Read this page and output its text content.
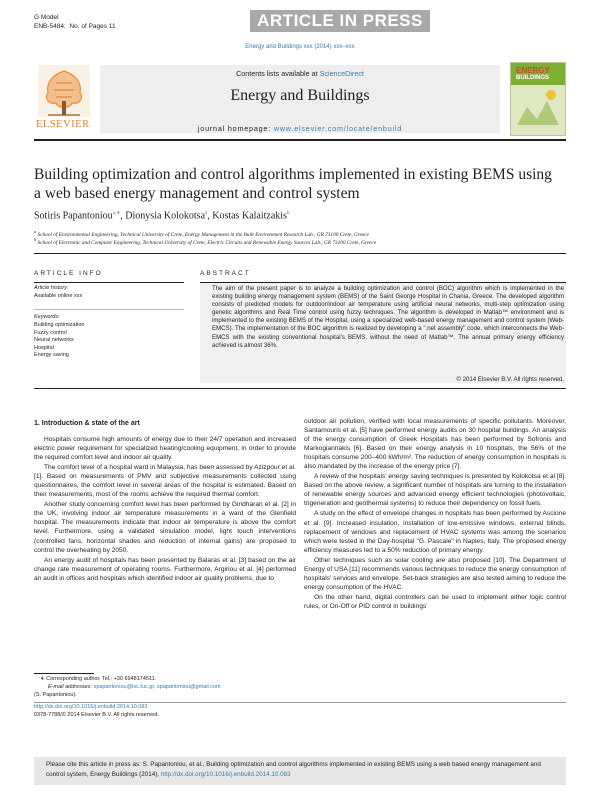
G Model
ENB-5484; No. of Pages 11	ARTICLE IN PRESS
Energy and Buildings xxx (2014) xxx–xxx
ELSEVIER
Contents lists available at ScienceDirect
Energy and Buildings
journal homepage: www.elsevier.com/locate/enbuild
ENERGY
BUILDINGS
Building optimization and control algorithms implemented in existing BEMS using a web based energy management and control system
Sotiris Papantoniou$^{a,∗}$, Dionysia Kolokotsa$^a$, Kostas Kalaitzakis$^b$
$^a$ School of Environmental Engineering, Technical University of Crete, Energy Management in the Built Environment Research Lab., GR 73100 Crete, Greece
$^b$ School of Electronic and Computer Engineering, Technical University of Crete, Electric Circuits and Renewable Energy Sources Lab., GR 73100 Crete, Greece
ARTICLE INFO
Article history:
Available online xxx
Keywords:
Building optimization
Fuzzy control
Neural networks
Hospital
Energy saving
ABSTRACT
The aim of the present paper is to analyze a building optimization and control (BOC) algorithm which is implemented in the existing building energy management system (BEMS) of the Saint George Hospital in Chania, Greece. The developed algorithm consists of predicted models for outdoor/indoor air temperature using artificial neural networks, multi-step optimization using genetic algorithms and Real Time control using fuzzy techniques. The algorithm is developed in Matlab™ environment and is implemented to the existing BEMS of the Hospital, using a specialized web-based energy management and control system (Web-EMCS). The implementation of the BOC algorithm is realized by developing a ".net assembly" code, which interconnects the Web-EMCS with the existing conventional hospital's BEMS, without the need of Matlab™. The annual primary energy efficiency achieved is almost 36%.
© 2014 Elsevier B.V. All rights reserved.
1. Introduction & state of the art

Hospitals consume high amounts of energy due to their 24/7 operation and increased electric power requirement for specialized heating/cooling equipment, in order to provide the required comfort level and indoor air quality.

The comfort level of a hospital ward in Malaysia, has been assessed by Azizpour et al. [1]. Based on measurements of PMV and subjective measurements collected using questionnaires, the comfort level in several areas of the hospital is estimated. Based on their measurements, most of the rooms achieve the required thermal comfort.

Another study concerning comfort level has been performed by Giridharan et al. [2] in the UK, involving indoor air temperature measurements in a ward of the Glenfield hospital. The measurements indicate that indoor air temperature is above the comfort level. Furthermore, using a validated simulation model, light touch interventions (controlled fans, horizontal shades and reduction of internal gains) are proposed to control the overheating by 2050.

An energy audit of hospitals has been presented by Balaras et al. [3] based on the air change rate measurement of operating rooms. Furthermore, Argiriou et al. [4] performed an audit in offices and hospitals which identified indoor air quality problems, due to

outdoor air pollution, verified with local measurements of specific pollutants. Moreover, Santamouris et al. [5] have performed energy audits on 30 hospital buildings. An analysis of the energy consumption of Greek Hospitals has been performed by Sofronis and Markogiannakis [6]. Based on their energy analysis in 10 hospitals, the 56% of the hospitals consume 200–400 kWh/m². The reduction of energy consumption in hospitals is also mandated by the increase of the energy price [7].

A review of the hospitals' energy saving techniques is presented by Kolokotsa et al [8]. Based on the above review, a significant number of hospitals are turning to the installation of renewable energy sources and advanced energy efficient technologies (photovoltaic, trigeneration and geothermal systems) to reduce their dependency on fossil fuels.

A study on the effect of envelope changes in hospitals has been performed by Ascione et al. [9]. Increased insulation, installation of low-emissive windows, external blinds, replacement of windows and replacement of HVAC systems was among the scenarios which were tested in the Day-hospital "G. Pascale" in Naples, Italy. The proposed energy efficiency measures led to a 50% reduction of primary energy.

Other techniques such as solar cooling are also proposed [10]. The Department of Energy of USA [11] recommends various techniques to reduce the energy consumption of hospitals' services and envelope. Set-back strategies are also tested aiming to reduce the energy consumption of the HVAC.

On the other hand, digital controllers can be used to implement either logic control rules, or On-Off or PID control in buildings'

∗ Corresponding author. Tel.: +30 6948174511.
E-mail addresses: spapantoniou@isc.tuc.gr, spapantoniou@gmail.com
(S. Papantoniou).
http://dx.doi.org/10.1016/j.enbuild.2014.10.083
0378-7788/© 2014 Elsevier B.V. All rights reserved.
Please cite this article in press as: S. Papantoniou, et al., Building optimization and control algorithms implemented in existing BEMS using a web based energy management and control system, Energy Buildings (2014), http://dx.doi.org/10.1016/j.enbuild.2014.10.083
